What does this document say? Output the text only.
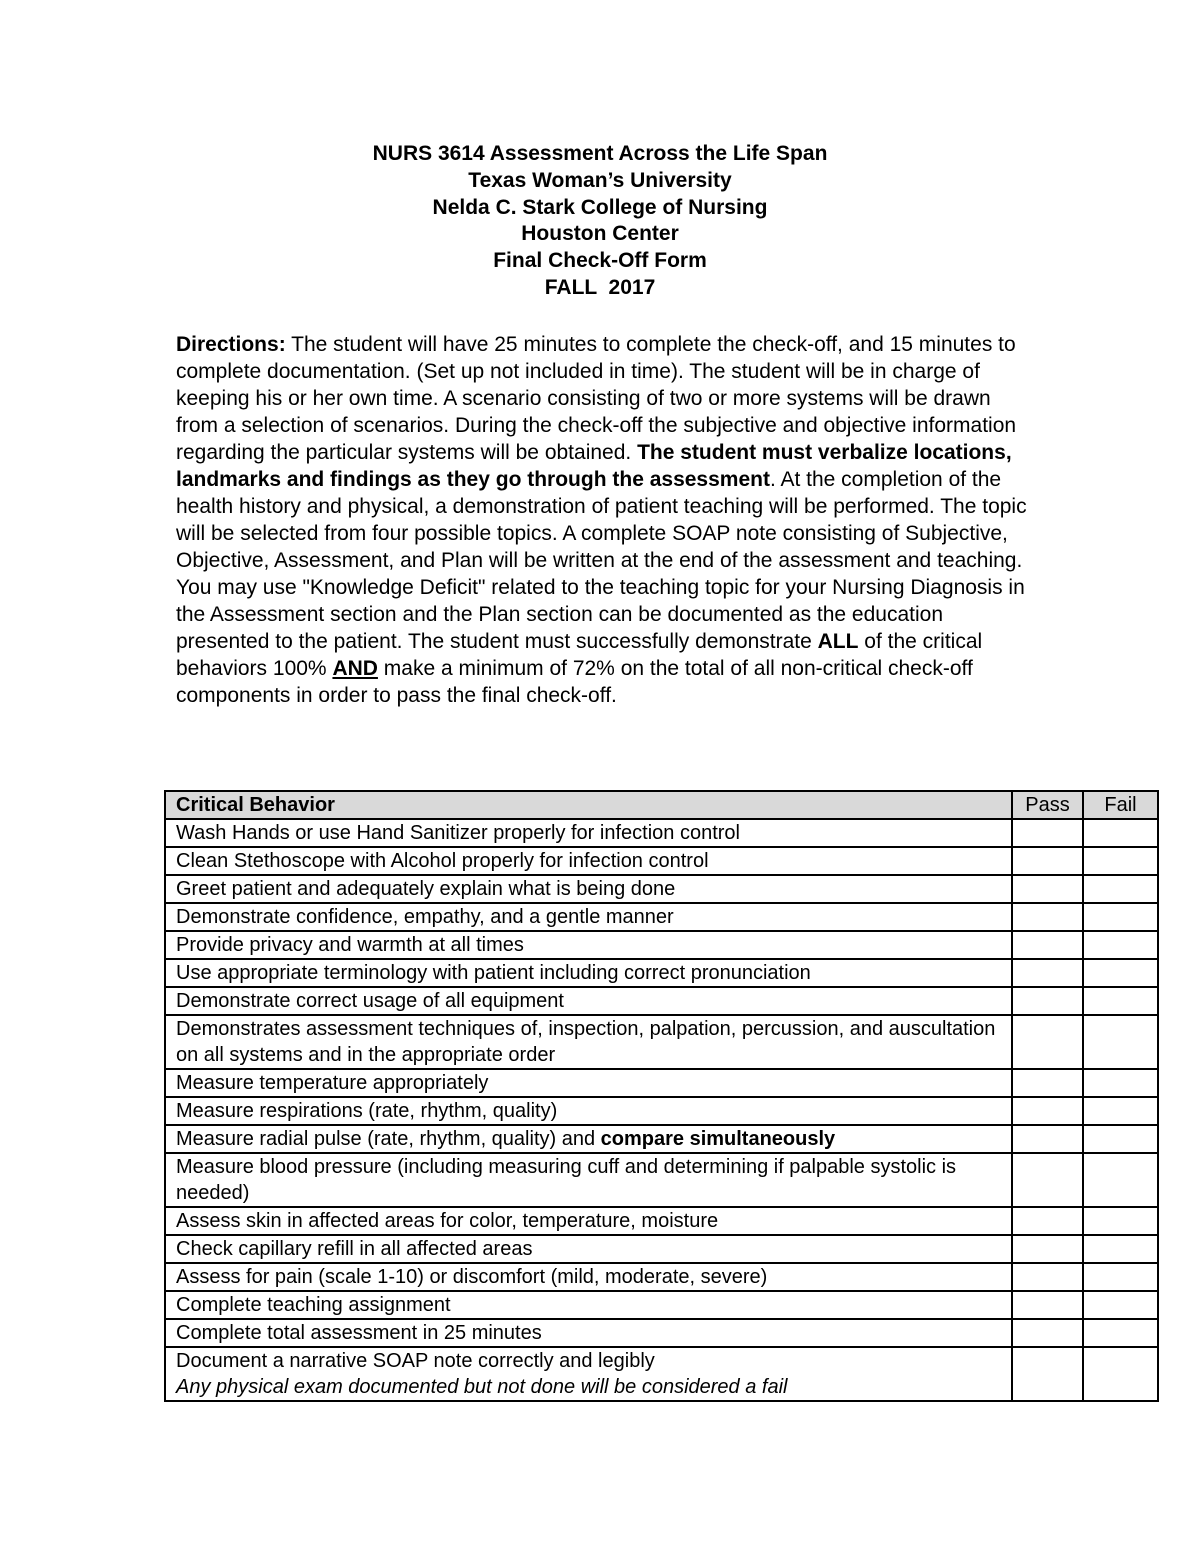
NURS 3614 Assessment Across the Life Span
Texas Woman’s University
Nelda C. Stark College of Nursing
Houston Center
Final Check-Off Form
FALL  2017

Directions: The student will have 25 minutes to complete the check-off, and 15 minutes to complete documentation. (Set up not included in time). The student will be in charge of keeping his or her own time. A scenario consisting of two or more systems will be drawn from a selection of scenarios. During the check-off the subjective and objective information regarding the particular systems will be obtained. The student must verbalize locations, landmarks and findings as they go through the assessment. At the completion of the health history and physical, a demonstration of patient teaching will be performed. The topic will be selected from four possible topics. A complete SOAP note consisting of Subjective, Objective, Assessment, and Plan will be written at the end of the assessment and teaching. You may use "Knowledge Deficit" related to the teaching topic for your Nursing Diagnosis in the Assessment section and the Plan section can be documented as the education presented to the patient. The student must successfully demonstrate ALL of the critical behaviors 100% AND make a minimum of 72% on the total of all non-critical check-off components in order to pass the final check-off.

Critical Behavior	Pass	Fail
Wash Hands or use Hand Sanitizer properly for infection control		
Clean Stethoscope with Alcohol properly for infection control		
Greet patient and adequately explain what is being done		
Demonstrate confidence, empathy, and a gentle manner		
Provide privacy and warmth at all times		
Use appropriate terminology with patient including correct pronunciation		
Demonstrate correct usage of all equipment		
Demonstrates assessment techniques of, inspection, palpation, percussion, and auscultation on all systems and in the appropriate order		
Measure temperature appropriately		
Measure respirations (rate, rhythm, quality)		
Measure radial pulse (rate, rhythm, quality) and compare simultaneously		
Measure blood pressure (including measuring cuff and determining if palpable systolic is needed)		
Assess skin in affected areas for color, temperature, moisture		
Check capillary refill in all affected areas		
Assess for pain (scale 1-10) or discomfort (mild, moderate, severe)		
Complete teaching assignment		
Complete total assessment in 25 minutes		
Document a narrative SOAP note correctly and legibly
Any physical exam documented but not done will be considered a fail		
